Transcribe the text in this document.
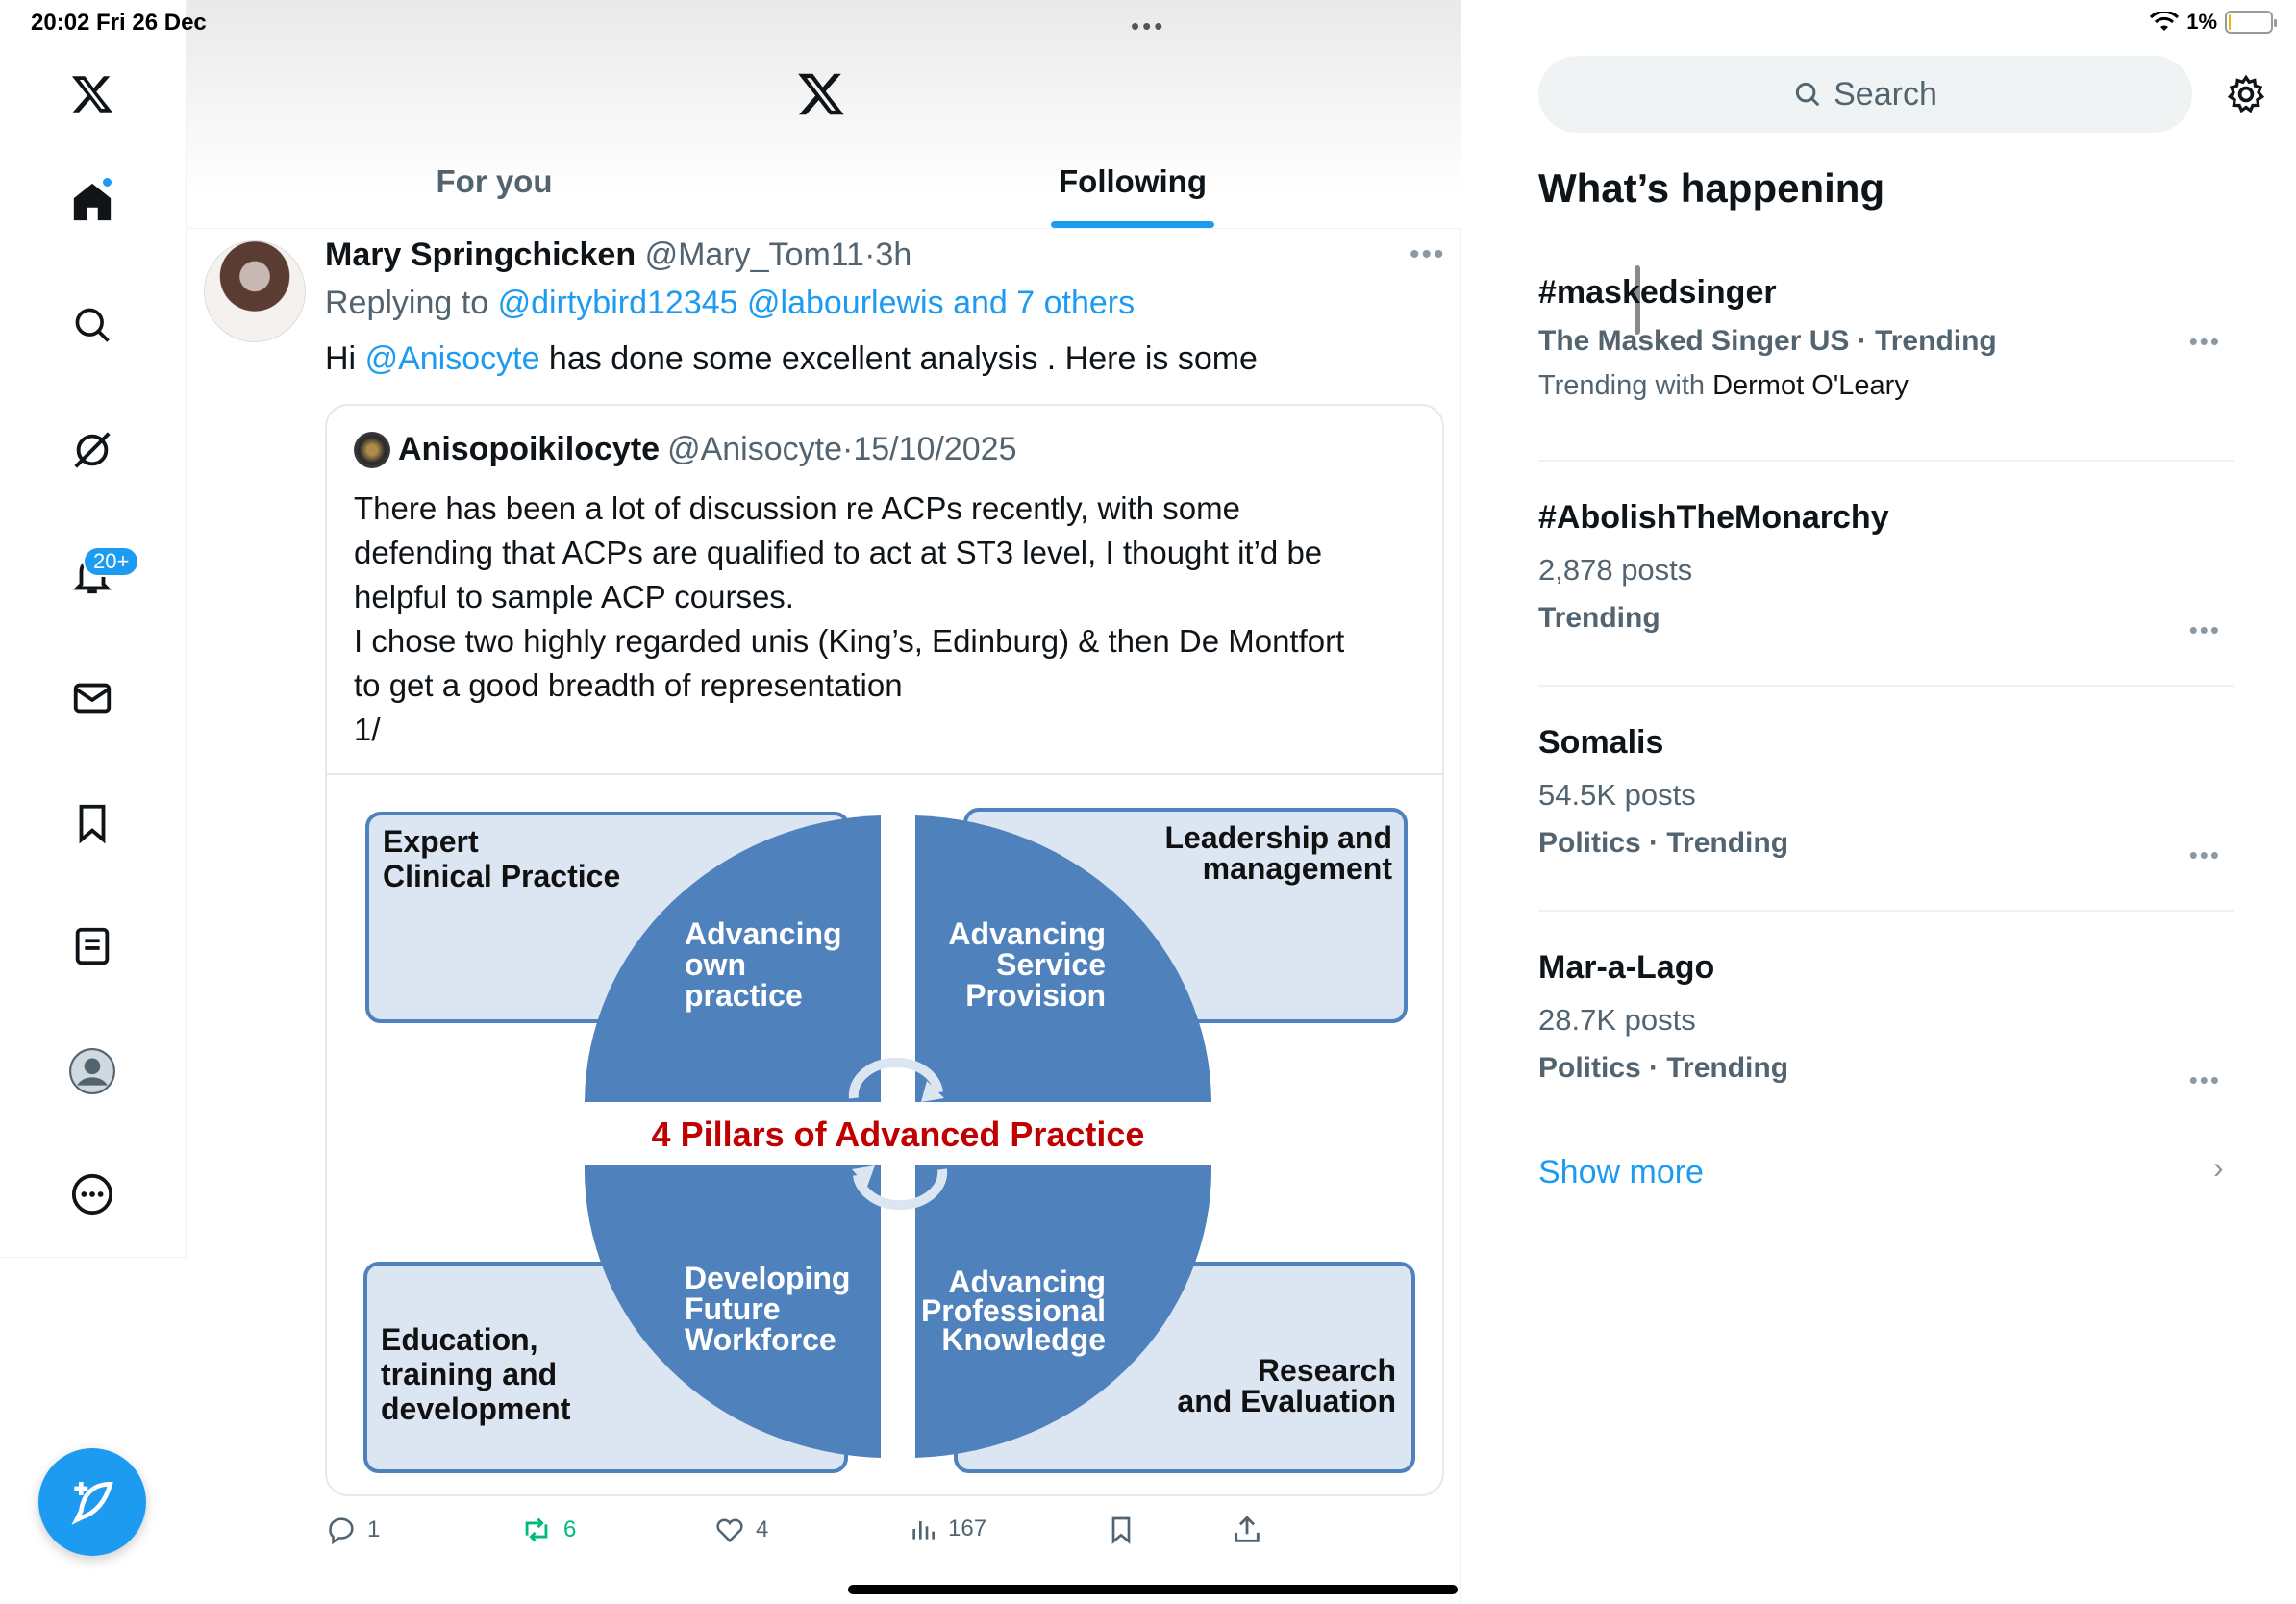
20:02 Fri 26 Dec	•••	1%
20+
For you	Following
Mary Springchicken @Mary_Tom11·3h	•••
Replying to @dirtybird12345 @labourlewis and 7 others
Hi @Anisocyte has done some excellent analysis . Here is some
Anisopoikilocyte @Anisocyte·15/10/2025
There has been a lot of discussion re ACPs recently, with some
defending that ACPs are qualified to act at ST3 level, I thought it’d be
helpful to sample ACP courses.
I chose two highly regarded unis (King’s, Edinburg) & then De Montfort
to get a good breadth of representation
1/
Expert
Clinical Practice
Leadership and
management
Education,
training and
development
Research
and Evaluation
Advancing
own
practice
Advancing
Service
Provision
Developing
Future
Workforce
Advancing
Professional
Knowledge
4 Pillars of Advanced Practice
1	6	4	167
Search
What’s happening
#maskedsinger
The Masked Singer US · Trending
Trending with Dermot O'Leary
•••
#AbolishTheMonarchy
2,878 posts
Trending	•••
Somalis
54.5K posts
Politics · Trending	•••
Mar-a-Lago
28.7K posts
Politics · Trending	•••
Show more	›
